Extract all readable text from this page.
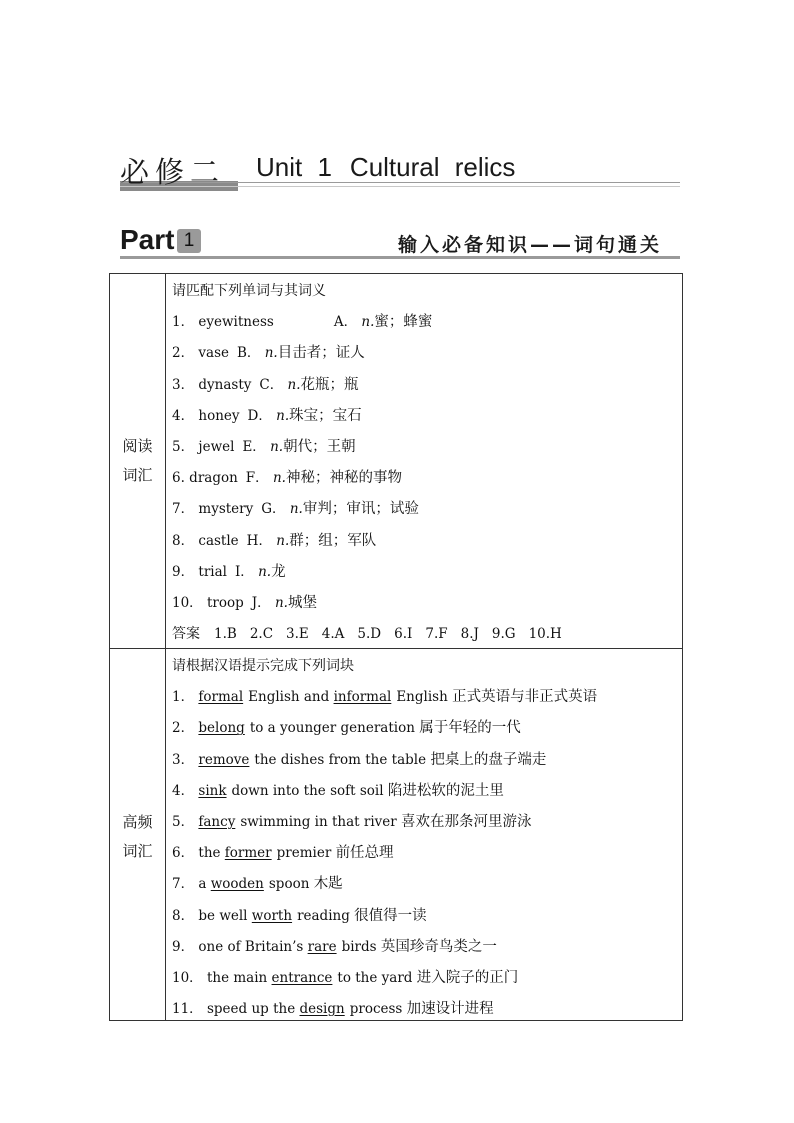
必修二 Unit 1 Cultural relics
Part 1	输入必备知识——词句通关
阅读
词汇
高频
词汇
请匹配下列单词与其词义
1． eyewitness	A． n.蜜；蜂蜜
2． vase B． n.目击者；证人
3． dynasty C． n.花瓶；瓶
4． honey D． n.珠宝；宝石
5． jewel E． n.朝代；王朝
6. dragon F． n.神秘；神秘的事物
7． mystery G． n.审判；审讯；试验
8． castle H． n.群；组；军队
9． trial I． n.龙
10． troop J． n.城堡
答案 1.B 2.C 3.E 4.A 5.D 6.I 7.F 8.J 9.G 10.H
请根据汉语提示完成下列词块
1． formal English and informal English 正式英语与非正式英语
2． belong to a younger generation 属于年轻的一代
3． remove the dishes from the table 把桌上的盘子端走
4． sink down into the soft soil 陷进松软的泥土里
5． fancy swimming in that river 喜欢在那条河里游泳
6． the former premier 前任总理
7． a wooden spoon 木匙
8． be well worth reading 很值得一读
9． one of Britain’s rare birds 英国珍奇鸟类之一
10． the main entrance to the yard 进入院子的正门
11． speed up the design process 加速设计进程
